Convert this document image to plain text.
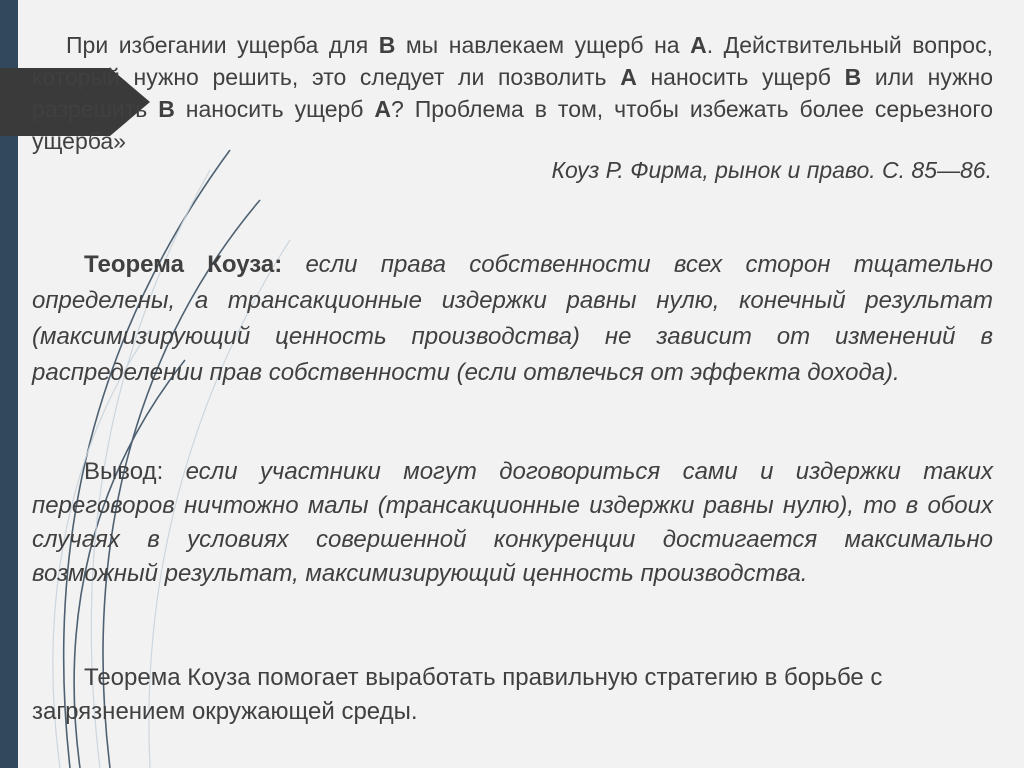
При избегании ущерба для B мы навлекаем ущерб на A. Действительный вопрос, который нужно решить, это следует ли позволить A наносить ущерб B или нужно разрешить B наносить ущерб A? Проблема в том, чтобы избежать более серьезного ущерба»

Коуз Р. Фирма, рынок и право. С. 85—86.

Теорема Коуза: если права собственности всех сторон тщательно определены, а трансакционные издержки равны нулю, конечный результат (максимизирующий ценность производства) не зависит от изменений в распределении прав собственности (если отвлечься от эффекта дохода).

Вывод: если участники могут договориться сами и издержки таких переговоров ничтожно малы (трансакционные издержки равны нулю), то в обоих случаях в условиях совершенной конкуренции достигается максимально возможный результат, максимизирующий ценность производства.

Теорема Коуза помогает выработать правильную стратегию в борьбе с загрязнением окружающей среды.
